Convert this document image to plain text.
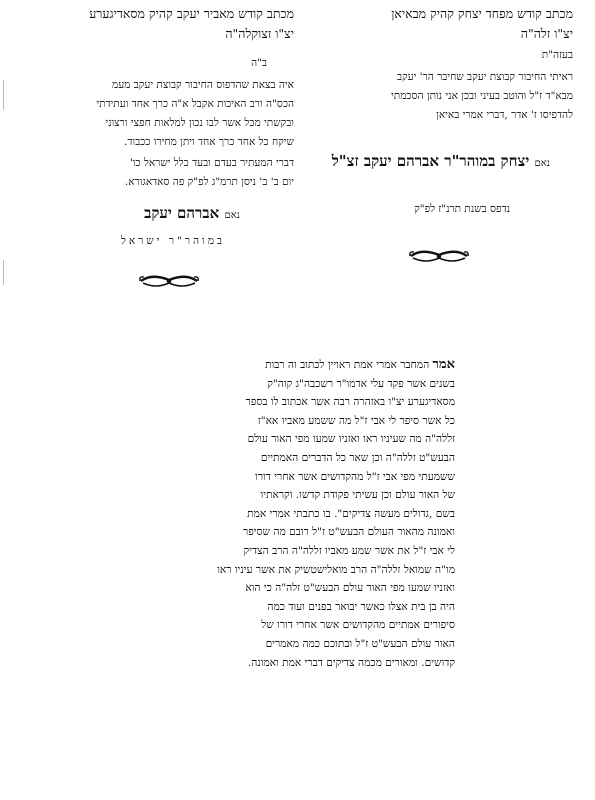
מכתב קודש מפחד יצחק קהיק מבאיאן
יצ"ו זלה"ה
בעזה"ת
ראיתי החיבור קבוצת יעקב שחיבר הר' יעקב
מבא"ד ז"ל והוטב בעיני ובכן אני נותן הסכמתי
להדפיסו ז' אדר ,דברי אמרי באיאן
נאם יצחק במוהר"ר אברהם יעקב זצ"ל
נדפס בשנת תרנ"ז לפ"ק
מכתב קודש מאביר יעקב קהיק מסאדיגערע
יצ"ו זצוקלה"ה
ב"ה
איה בצאת שהדפוס החיבור קבוצת יעקב מעמ
הכס"ה ורב האיכות אקבל א"ה כרך אחד ועתידתי
ובקשתי מכל אשר לבו נכון למלאות חפצי ורצוני
שיקח כל אחד כרך אחד ויתן מחירו ככבוד.
דברי המעתיר בעדם ובעד כלל ישראל כו'
יום ב' ב' ניסן תרמ"ג לפ"ק פה סאדאגורא.
נאם אברהם יעקב
במוהר"ר ישראל
אמר המחבר אמרי אמת ראויין לכתוב וה רבות
בשנים אשר פקד עלי אדמו"ר רשכבה"ג קוה"ק
מסאדיגערע יצ"ו באזהרה רבה אשר אכתוב לו בספר
כל אשר סיפר לי אבי ז"ל מה ששמע מאביו אא"ז
זללה"ה מה שעיניו ראו ואזניו שמעו מפי האור עולם
הבעש"ט זללה"ה וכן שאר כל הדברים האמתיים
ששמעתי מפי אבי ז"ל מהקדושים אשר אחרי דורו
של האור עולם וכן עשיתי פקודת קדשו. וקראתיו
בשם ,גדולים מעשה צדיקים". בו כתבתי אמרי אמת
ואמונה מהאור העולם הבעש"ט ז"ל רובם מה שסיפר
לי אבי ז"ל את אשר שמע מאביו זללה"ה הרב הצדיק
מו"ה שמואל זללה"ה הרב מואלישטשיק את אשר עיניו ראו
ואזניו שמעו מפי האור עולם הבעש"ט זלה"ה כי הוא
היה בן בית אצלו כאשר יבואר בפנים ועוד כמה
סיפורים אמתיים מהקדושים אשר אחרי דורו של
האור עולם הבעש"ט ז"ל ובתוכם כמה מאמרים
קדושים. ומאורים מכמה צדיקים דברי אמת ואמונה.
